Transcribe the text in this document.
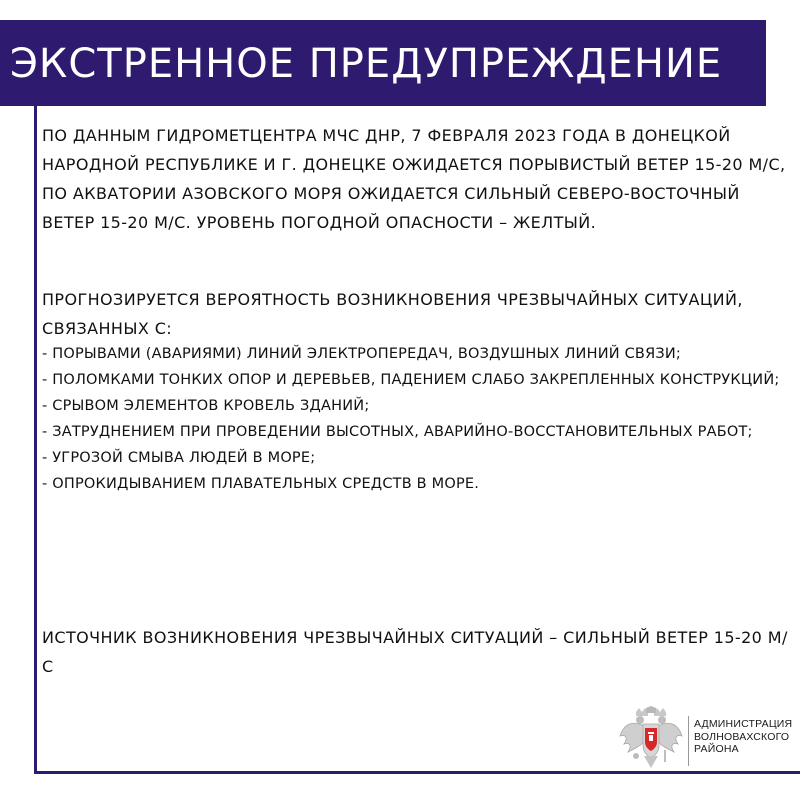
ЭКСТРЕННОЕ ПРЕДУПРЕЖДЕНИЕ
ПО ДАННЫМ ГИДРОМЕТЦЕНТРА МЧС ДНР, 7 ФЕВРАЛЯ 2023 ГОДА В ДОНЕЦКОЙ НАРОДНОЙ РЕСПУБЛИКЕ И Г. ДОНЕЦКЕ ОЖИДАЕТСЯ ПОРЫВИСТЫЙ ВЕТЕР 15-20 М/С, ПО АКВАТОРИИ АЗОВСКОГО МОРЯ ОЖИДАЕТСЯ СИЛЬНЫЙ СЕВЕРО-ВОСТОЧНЫЙ ВЕТЕР 15-20 М/С. УРОВЕНЬ ПОГОДНОЙ ОПАСНОСТИ – ЖЕЛТЫЙ.
ПРОГНОЗИРУЕТСЯ ВЕРОЯТНОСТЬ ВОЗНИКНОВЕНИЯ ЧРЕЗВЫЧАЙНЫХ СИТУАЦИЙ, СВЯЗАННЫХ С:
- ПОРЫВАМИ (АВАРИЯМИ) ЛИНИЙ ЭЛЕКТРОПЕРЕДАЧ, ВОЗДУШНЫХ ЛИНИЙ СВЯЗИ;
- ПОЛОМКАМИ ТОНКИХ ОПОР И ДЕРЕВЬЕВ, ПАДЕНИЕМ СЛАБО ЗАКРЕПЛЕННЫХ КОНСТРУКЦИЙ;
- СРЫВОМ ЭЛЕМЕНТОВ КРОВЕЛЬ ЗДАНИЙ;
- ЗАТРУДНЕНИЕМ ПРИ ПРОВЕДЕНИИ ВЫСОТНЫХ, АВАРИЙНО-ВОССТАНОВИТЕЛЬНЫХ РАБОТ;
- УГРОЗОЙ СМЫВА ЛЮДЕЙ В МОРЕ;
- ОПРОКИДЫВАНИЕМ ПЛАВАТЕЛЬНЫХ СРЕДСТВ В МОРЕ.
ИСТОЧНИК ВОЗНИКНОВЕНИЯ ЧРЕЗВЫЧАЙНЫХ СИТУАЦИЙ – СИЛЬНЫЙ ВЕТЕР 15-20 М/С
АДМИНИСТРАЦИЯ
ВОЛНОВАХСКОГО
РАЙОНА
